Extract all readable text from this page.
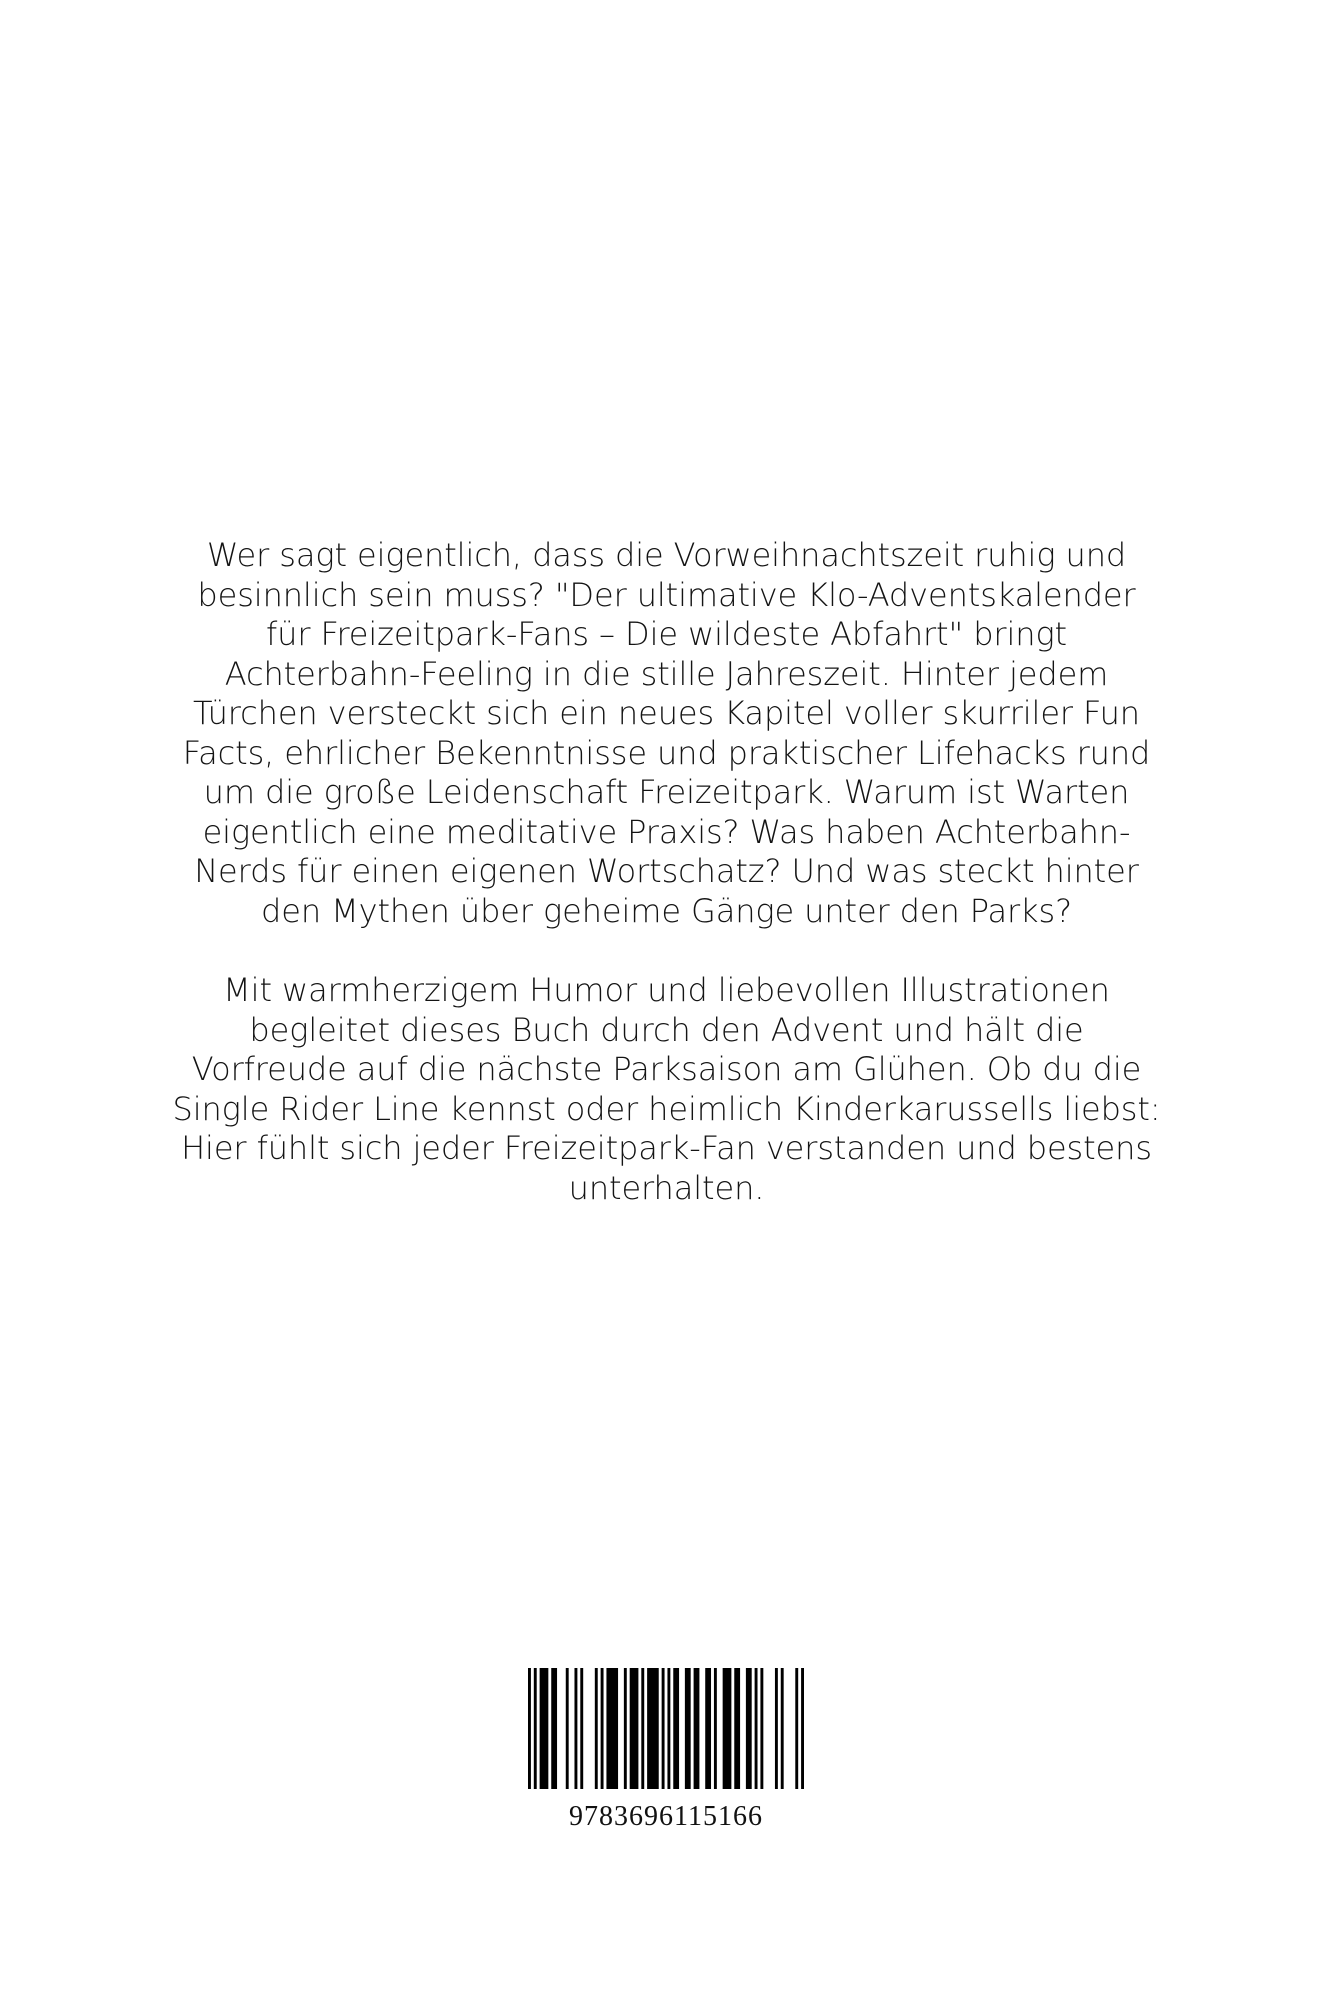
Wer sagt eigentlich, dass die Vorweihnachtszeit ruhig und
besinnlich sein muss? "Der ultimative Klo-Adventskalender
für Freizeitpark-Fans – Die wildeste Abfahrt" bringt
Achterbahn-Feeling in die stille Jahreszeit. Hinter jedem
Türchen versteckt sich ein neues Kapitel voller skurriler Fun
Facts, ehrlicher Bekenntnisse und praktischer Lifehacks rund
um die große Leidenschaft Freizeitpark. Warum ist Warten
eigentlich eine meditative Praxis? Was haben Achterbahn-
Nerds für einen eigenen Wortschatz? Und was steckt hinter
den Mythen über geheime Gänge unter den Parks?

Mit warmherzigem Humor und liebevollen Illustrationen
begleitet dieses Buch durch den Advent und hält die
Vorfreude auf die nächste Parksaison am Glühen. Ob du die
Single Rider Line kennst oder heimlich Kinderkarussells liebst:
Hier fühlt sich jeder Freizeitpark-Fan verstanden und bestens
unterhalten.

9783696115166
